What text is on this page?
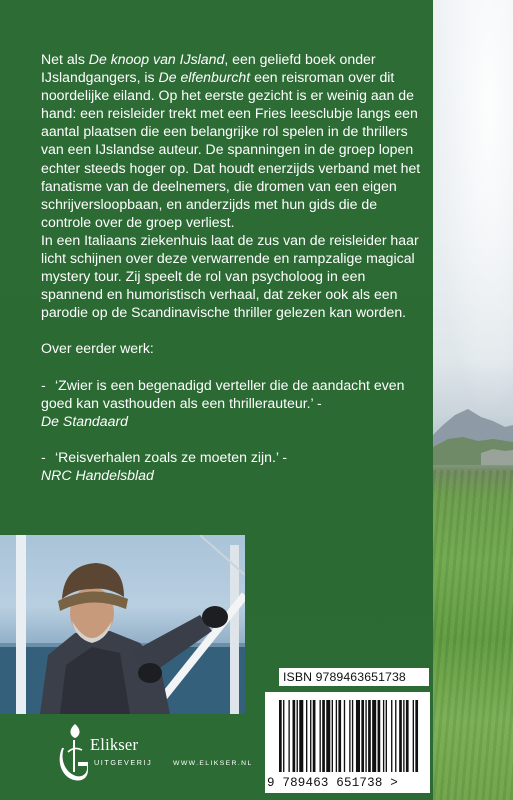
Net als De knoop van IJsland, een geliefd boek onder IJslandgangers, is De elfenburcht een reisroman over dit noordelijke eiland. Op het eerste gezicht is er weinig aan de hand: een reisleider trekt met een Fries leesclubje langs een aantal plaatsen die een belangrijke rol spelen in de thrillers van een IJslandse auteur. De spanningen in de groep lopen echter steeds hoger op. Dat houdt enerzijds verband met het fanatisme van de deelnemers, die dromen van een eigen schrijversloopbaan, en anderzijds met hun gids die de controle over de groep verliest.

In een Italiaans ziekenhuis laat de zus van de reisleider haar licht schijnen over deze verwarrende en rampzalige magical mystery tour. Zij speelt de rol van psycholoog in een spannend en humoristisch verhaal, dat zeker ook als een parodie op de Scandinavische thriller gelezen kan worden.

Over eerder werk:

- ‘Zwier is een begenadigd verteller die de aandacht even goed kan vasthouden als een thrillerauteur.’ -
De Standaard
- ‘Reisverhalen zoals ze moeten zijn.’ -
NRC Handelsblad
ISBN 9789463651738
9 789463 651738 >
Elikser
UITGEVERIJ	WWW.ELIKSER.NL
